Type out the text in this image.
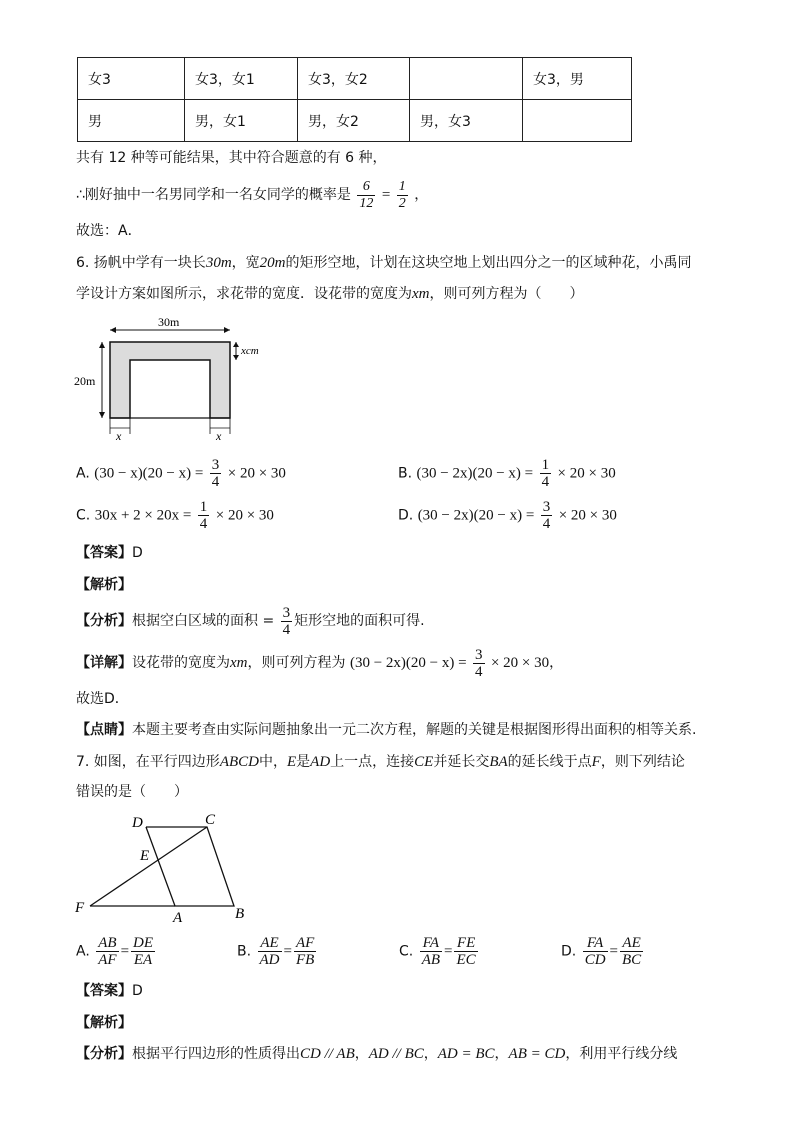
女3	女3，女1	女3，女2		女3，男
男	男，女1	男，女2	男，女3	
共有 12 种等可能结果，其中符合题意的有 6 种，
∴刚好抽中一名男同学和一名女同学的概率是 $\frac{6}{12} = \frac{1}{2}$ ，
故选：A．
6. 扬帆中学有一块长30m，宽20m的矩形空地，计划在这块空地上划出四分之一的区域种花，小禹同
学设计方案如图所示，求花带的宽度．设花带的宽度为xm，则可列方程为（　　）
30m
20m
xcm
x	x
A. $(30 - x)(20 - x) = \frac{3}{4} \times 20 \times 30$	B. $(30 - 2x)(20 - x) = \frac{1}{4} \times 20 \times 30$
C. $30x + 2 \times 20x = \frac{1}{4} \times 20 \times 30$	D. $(30 - 2x)(20 - x) = \frac{3}{4} \times 20 \times 30$
【答案】D
【解析】
【分析】根据空白区域的面积 = $\frac{3}{4}$ 矩形空地的面积可得.
【详解】设花带的宽度为xm，则可列方程为 $(30 - 2x)(20 - x) = \frac{3}{4} \times 20 \times 30$，
故选D．
【点睛】本题主要考查由实际问题抽象出一元二次方程，解题的关键是根据图形得出面积的相等关系.
7. 如图，在平行四边形ABCD中，E是AD上一点，连接CE并延长交BA的延长线于点F，则下列结论
错误的是（　　）
D	C
E
F
A	B
A. $\frac{AB}{AF} = \frac{DE}{EA}$	B. $\frac{AE}{AD} = \frac{AF}{FB}$	C. $\frac{FA}{AB} = \frac{FE}{EC}$	D. $\frac{FA}{CD} = \frac{AE}{BC}$
【答案】D
【解析】
【分析】根据平行四边形的性质得出CD // AB，AD // BC，AD = BC，AB = CD，利用平行线分线
